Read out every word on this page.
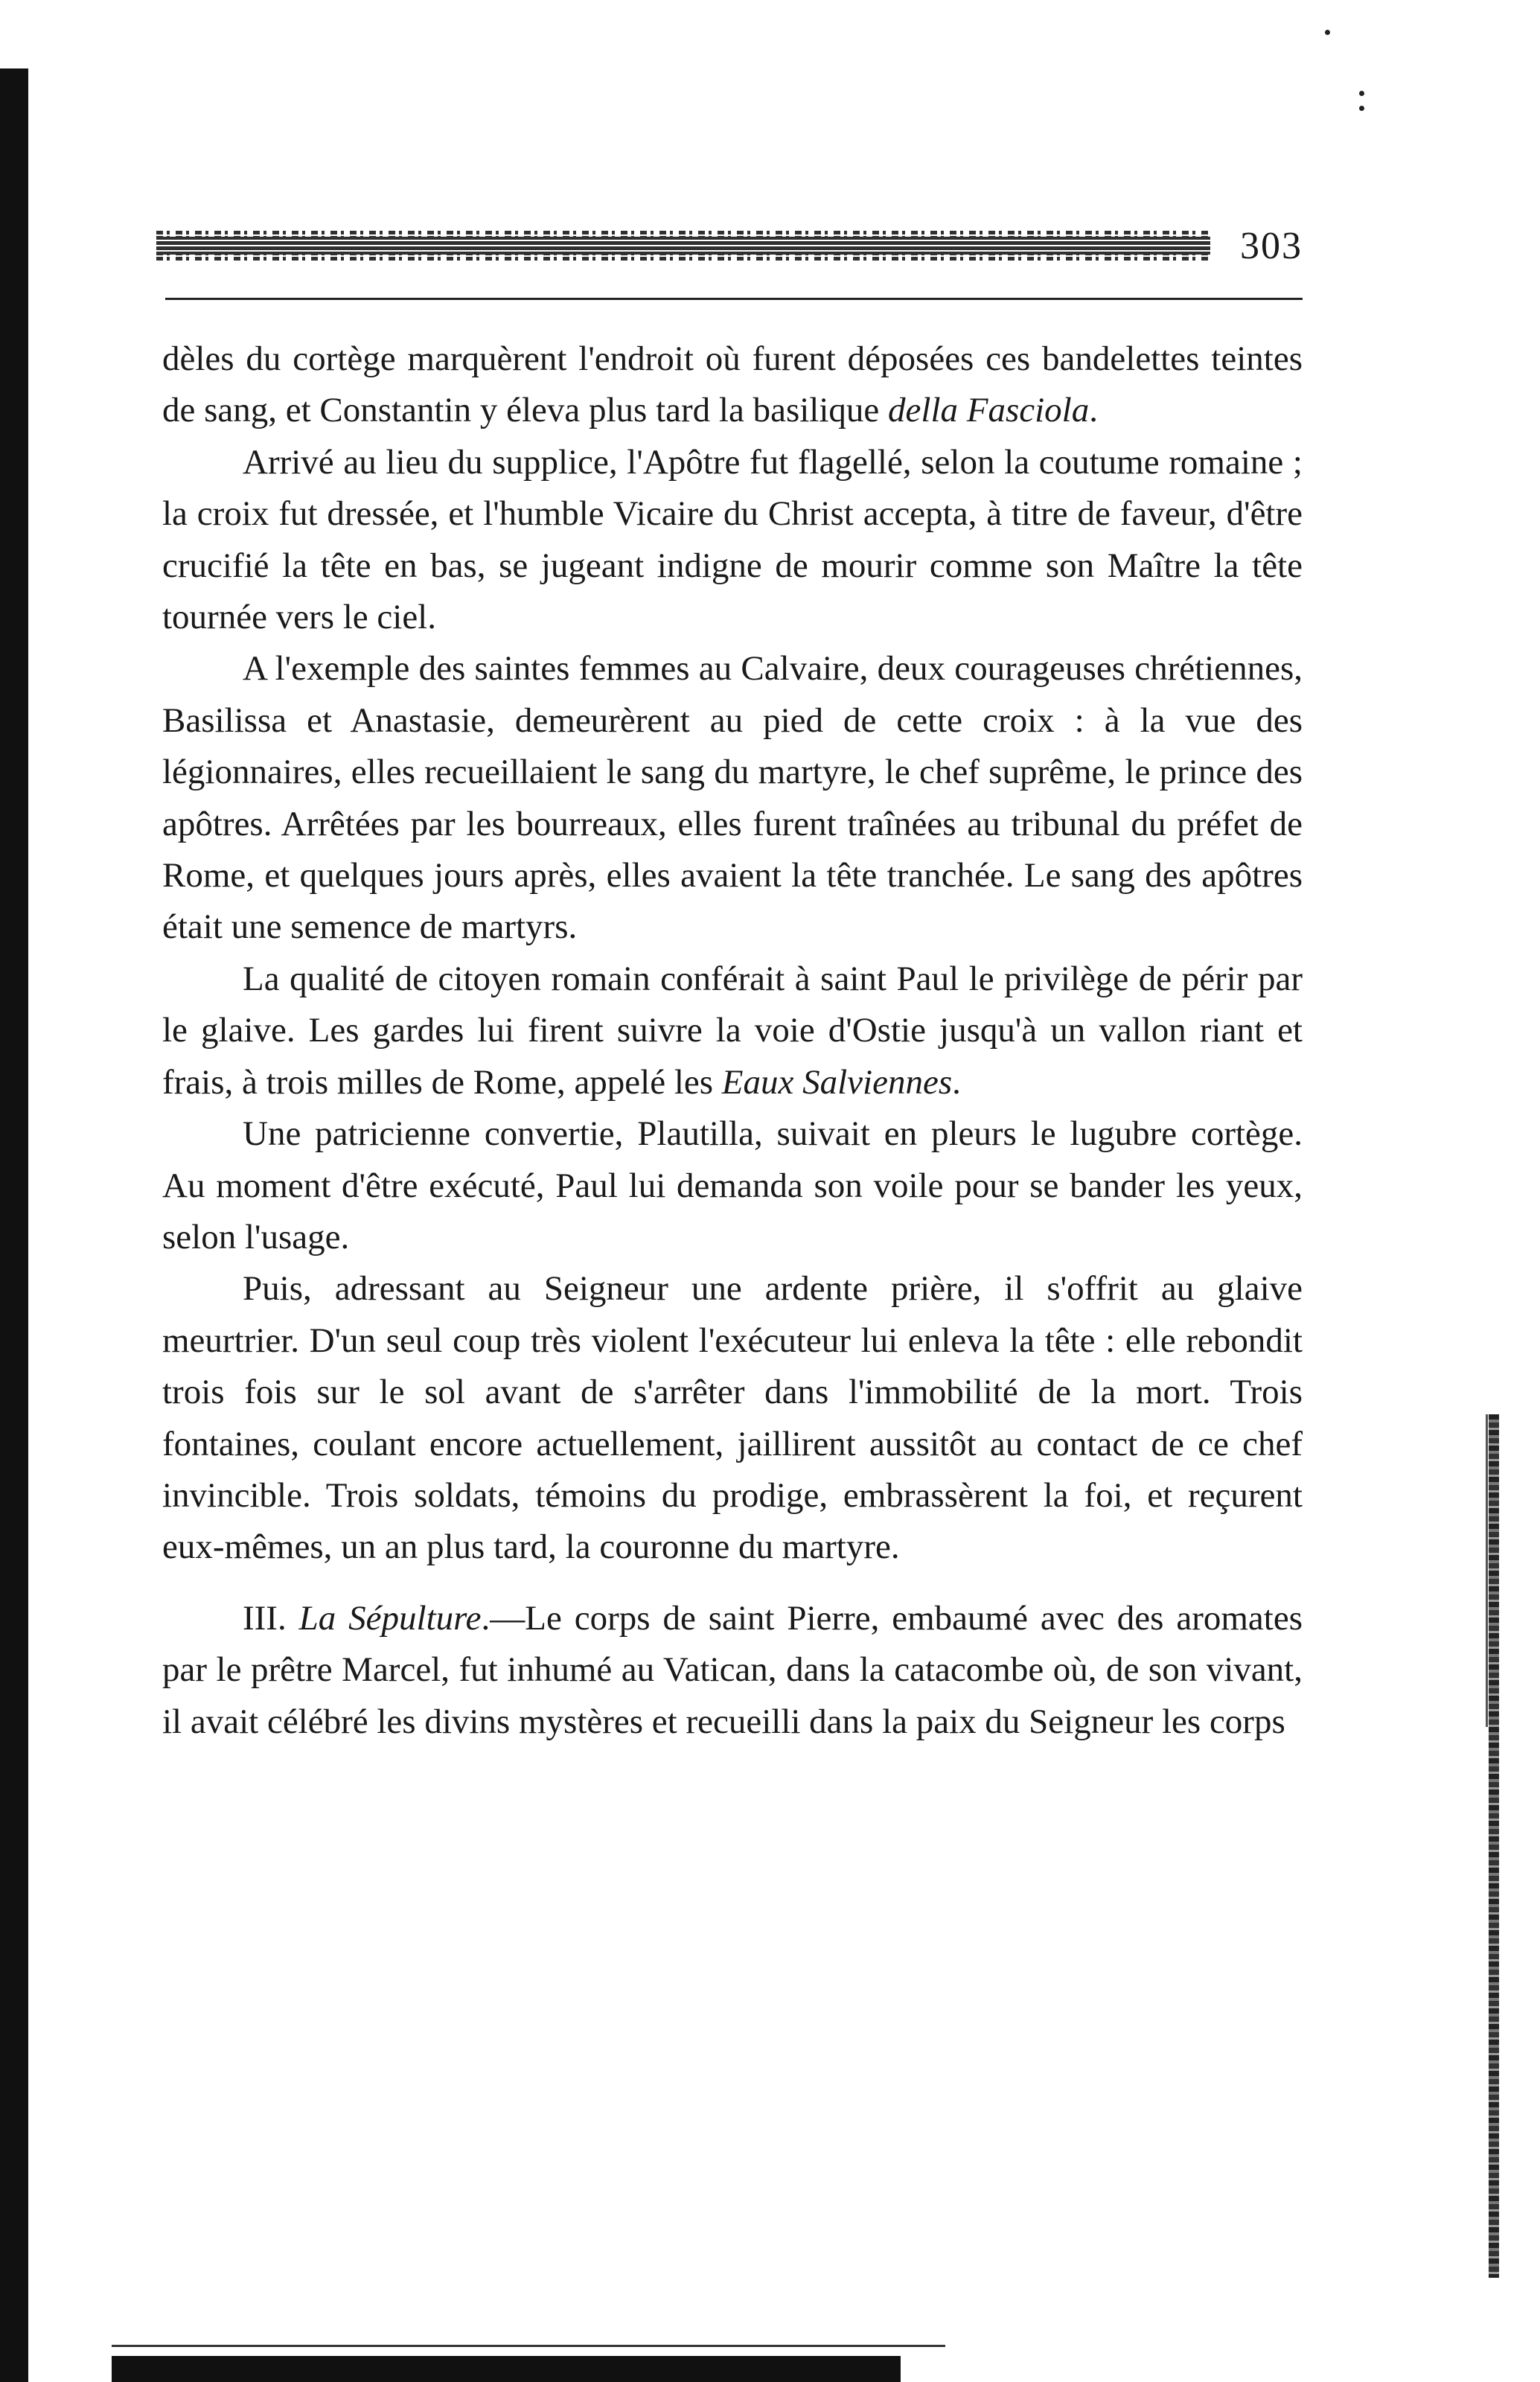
303

dèles du cortège marquèrent l'endroit où furent déposées ces bandelettes teintes de sang, et Constantin y éleva plus tard la basilique della Fasciola.

Arrivé au lieu du supplice, l'Apôtre fut flagellé, selon la coutume romaine ; la croix fut dressée, et l'humble Vicaire du Christ accepta, à titre de faveur, d'être crucifié la tête en bas, se jugeant indigne de mourir comme son Maître la tête tournée vers le ciel.

A l'exemple des saintes femmes au Calvaire, deux courageuses chrétiennes, Basilissa et Anastasie, demeurèrent au pied de cette croix : à la vue des légionnaires, elles recueillaient le sang du martyre, le chef suprême, le prince des apôtres. Arrêtées par les bourreaux, elles furent traînées au tribunal du préfet de Rome, et quelques jours après, elles avaient la tête tranchée. Le sang des apôtres était une semence de martyrs.

La qualité de citoyen romain conférait à saint Paul le privilège de périr par le glaive. Les gardes lui firent suivre la voie d'Ostie jusqu'à un vallon riant et frais, à trois milles de Rome, appelé les Eaux Salviennes.

Une patricienne convertie, Plautilla, suivait en pleurs le lugubre cortège. Au moment d'être exécuté, Paul lui demanda son voile pour se bander les yeux, selon l'usage.

Puis, adressant au Seigneur une ardente prière, il s'offrit au glaive meurtrier. D'un seul coup très violent l'exécuteur lui enleva la tête : elle rebondit trois fois sur le sol avant de s'arrêter dans l'immobilité de la mort. Trois fontaines, coulant encore actuellement, jaillirent aussitôt au contact de ce chef invincible. Trois soldats, témoins du prodige, embrassèrent la foi, et reçurent eux-mêmes, un an plus tard, la couronne du martyre.

III. La Sépulture.—Le corps de saint Pierre, embaumé avec des aromates par le prêtre Marcel, fut inhumé au Vatican, dans la catacombe où, de son vivant, il avait célébré les divins mystères et recueilli dans la paix du Seigneur les corps
